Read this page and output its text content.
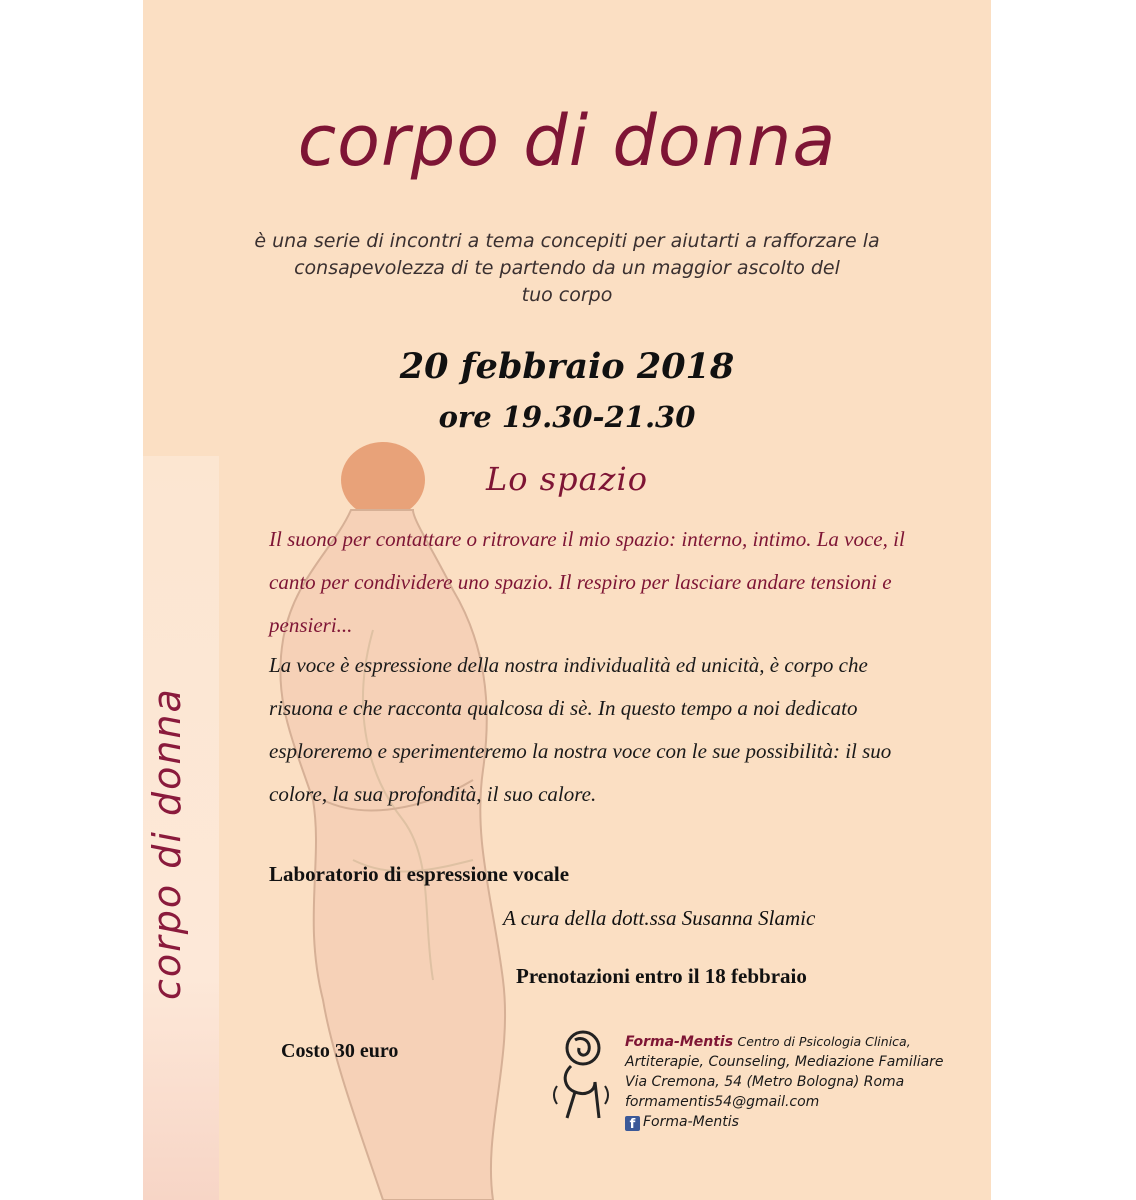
corpo di donna
corpo di donna
è una serie di incontri a tema concepiti per aiutarti a rafforzare la
consapevolezza di te partendo da un maggior ascolto del
tuo corpo
20 febbraio 2018
ore 19.30-21.30
Lo spazio
Il suono per contattare o ritrovare il mio spazio: interno, intimo. La voce, il canto per condividere uno spazio. Il respiro per lasciare andare tensioni e pensieri...
La voce è espressione della nostra individualità ed unicità, è corpo che risuona e che racconta qualcosa di sè. In questo tempo a noi dedicato esploreremo e sperimenteremo la nostra voce con le sue possibilità: il suo colore, la sua profondità, il suo calore.
Laboratorio di espressione vocale
A cura della dott.ssa Susanna Slamic
Prenotazioni entro il 18 febbraio
Costo 30 euro	Forma-Mentis Centro di Psicologia Clinica,
Artiterapie, Counseling, Mediazione Familiare
Via Cremona, 54 (Metro Bologna) Roma
formamentis54@gmail.com
f Forma-Mentis
